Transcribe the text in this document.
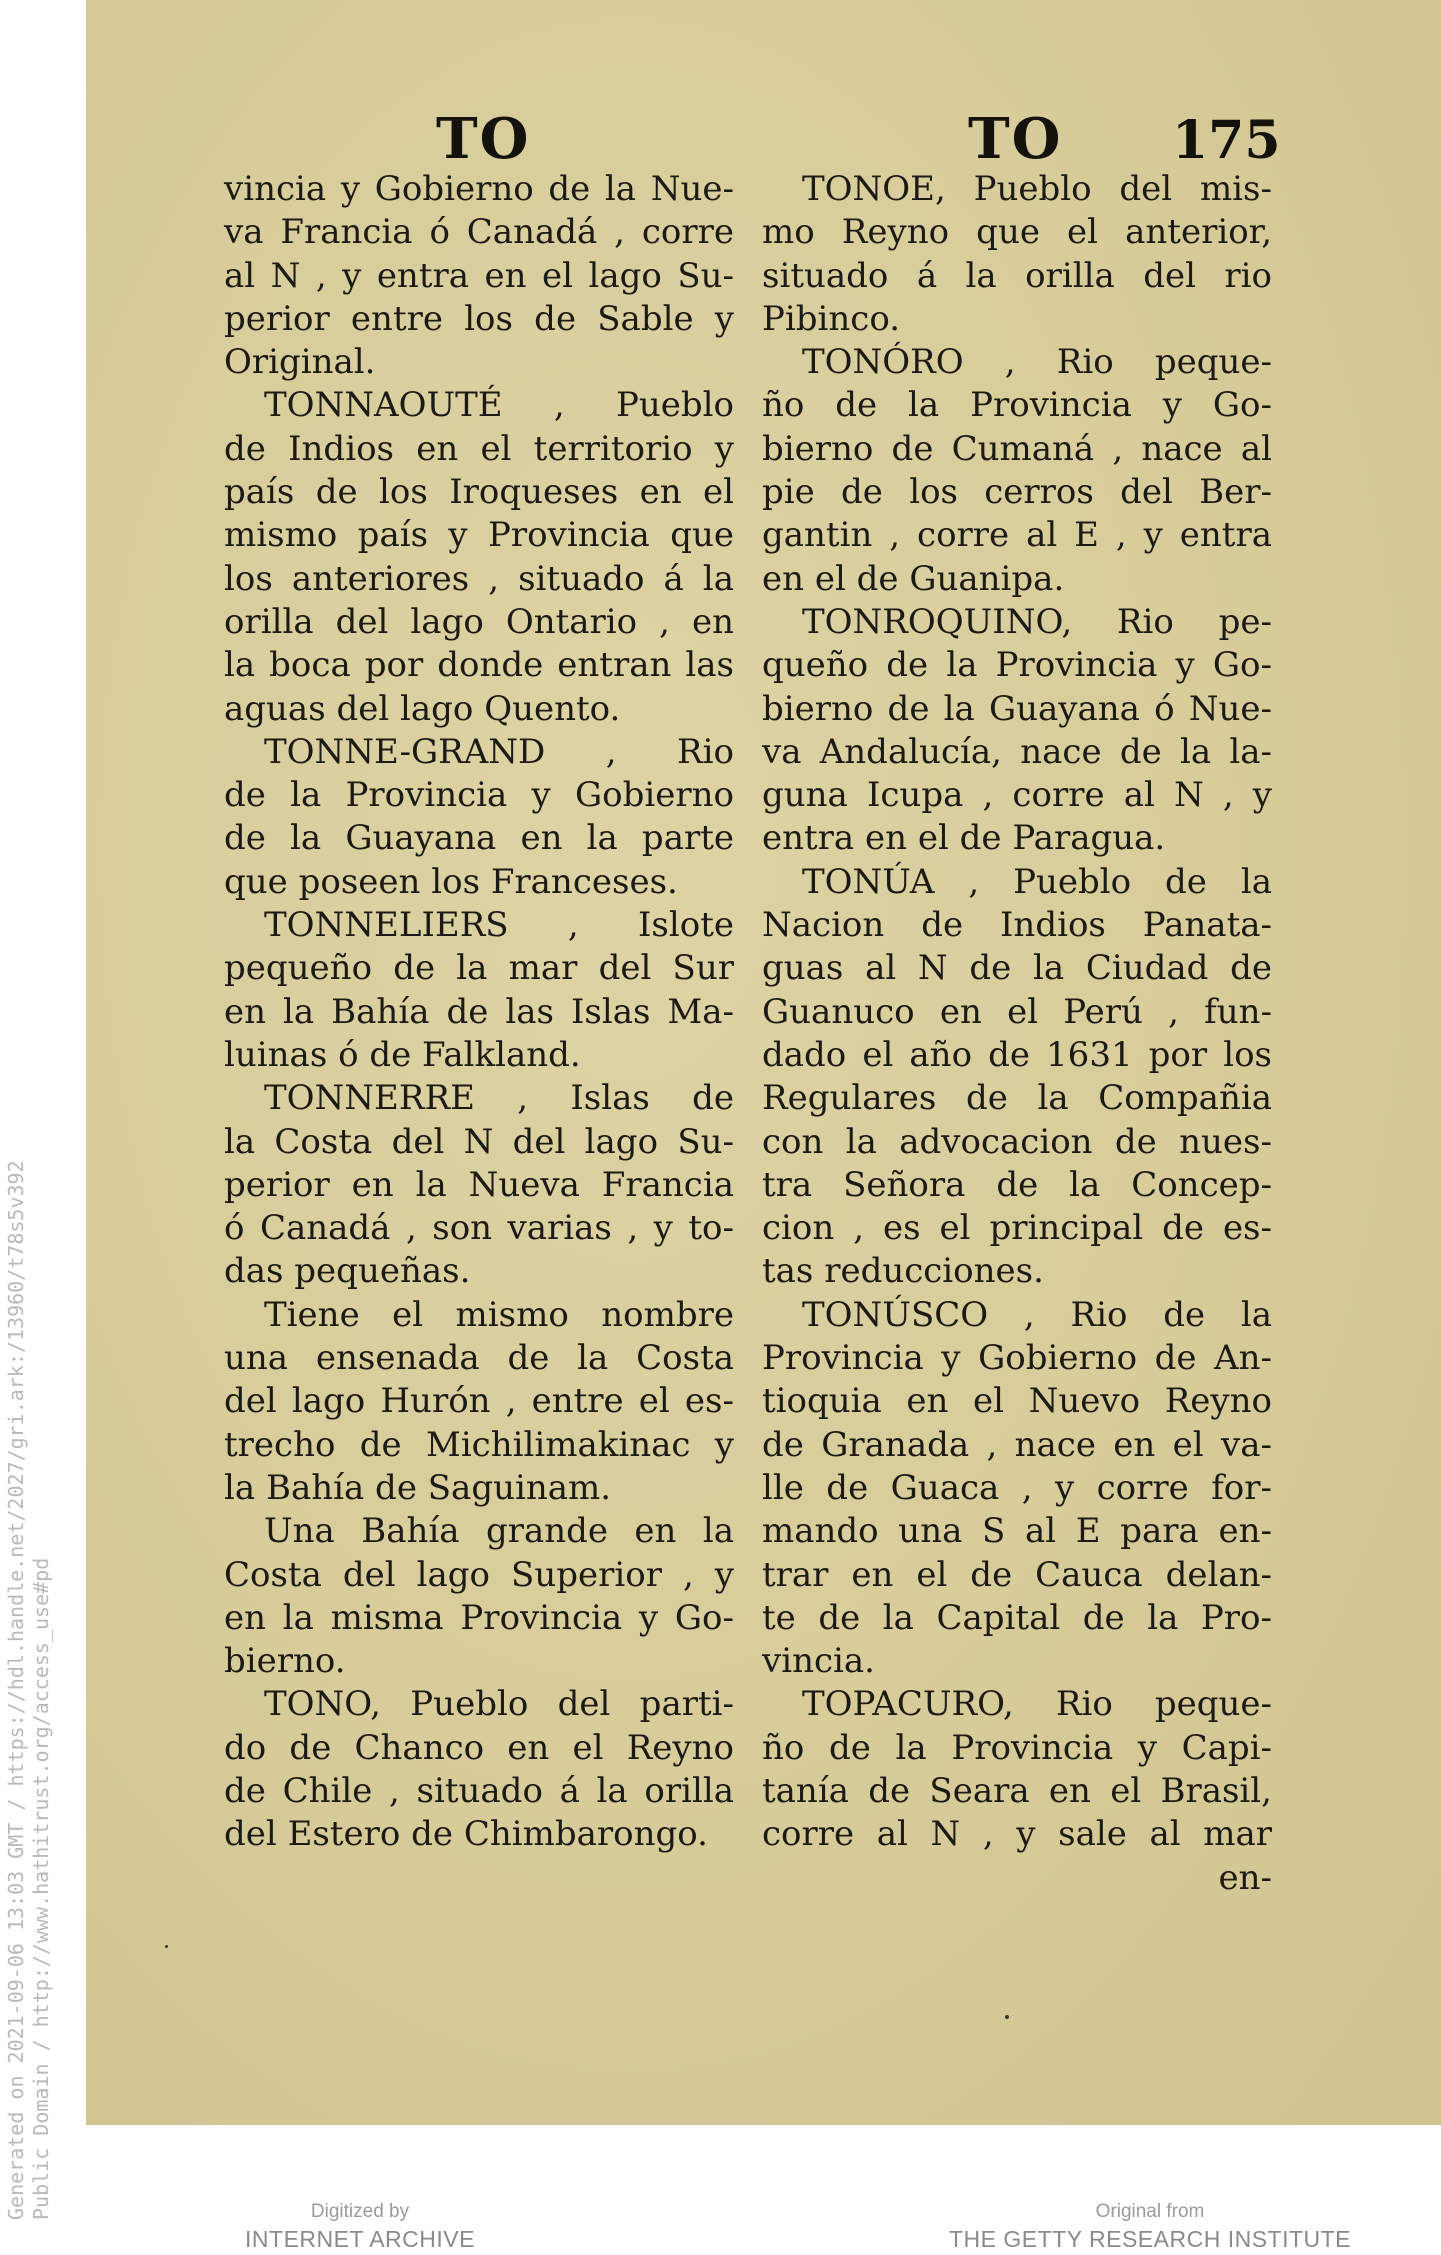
Generated on 2021-09-06 13:03 GMT / https://hdl.handle.net/2027/gri.ark:/13960/t78s5v392 Public Domain / http://www.hathitrust.org/access_use#pd
TO	TO 175
vincia y Gobierno de la Nue-
va Francia ó Canadá , corre
al N , y entra en el lago Su-
perior entre los de Sable y
Original.
TONNAOUTÉ , Pueblo
de Indios en el territorio y
país de los Iroqueses en el
mismo país y Provincia que
los anteriores , situado á la
orilla del lago Ontario , en
la boca por donde entran las
aguas del lago Quento.
TONNE-GRAND , Rio
de la Provincia y Gobierno
de la Guayana en la parte
que poseen los Franceses.
TONNELIERS , Islote
pequeño de la mar del Sur
en la Bahía de las Islas Ma-
luinas ó de Falkland.
TONNERRE , Islas de
la Costa del N del lago Su-
perior en la Nueva Francia
ó Canadá , son varias , y to-
das pequeñas.
Tiene el mismo nombre
una ensenada de la Costa
del lago Hurón , entre el es-
trecho de Michilimakinac y
la Bahía de Saguinam.
Una Bahía grande en la
Costa del lago Superior , y
en la misma Provincia y Go-
bierno.
TONO, Pueblo del parti-
do de Chanco en el Reyno
de Chile , situado á la orilla
del Estero de Chimbarongo.
TONOE, Pueblo del mis-
mo Reyno que el anterior,
situado á la orilla del rio
Pibinco.
TONÓRO , Rio peque-
ño de la Provincia y Go-
bierno de Cumaná , nace al
pie de los cerros del Ber-
gantin , corre al E , y entra
en el de Guanipa.
TONROQUINO, Rio pe-
queño de la Provincia y Go-
bierno de la Guayana ó Nue-
va Andalucía, nace de la la-
guna Icupa , corre al N , y
entra en el de Paragua.
TONÚA , Pueblo de la
Nacion de Indios Panata-
guas al N de la Ciudad de
Guanuco en el Perú , fun-
dado el año de 1631 por los
Regulares de la Compañia
con la advocacion de nues-
tra Señora de la Concep-
cion , es el principal de es-
tas reducciones.
TONÚSCO , Rio de la
Provincia y Gobierno de An-
tioquia en el Nuevo Reyno
de Granada , nace en el va-
lle de Guaca , y corre for-
mando una S al E para en-
trar en el de Cauca delan-
te de la Capital de la Pro-
vincia.
TOPACURO, Rio peque-
ño de la Provincia y Capi-
tanía de Seara en el Brasil,
corre al N , y sale al mar
en-
Digitized by
INTERNET ARCHIVE
Original from
THE GETTY RESEARCH INSTITUTE
